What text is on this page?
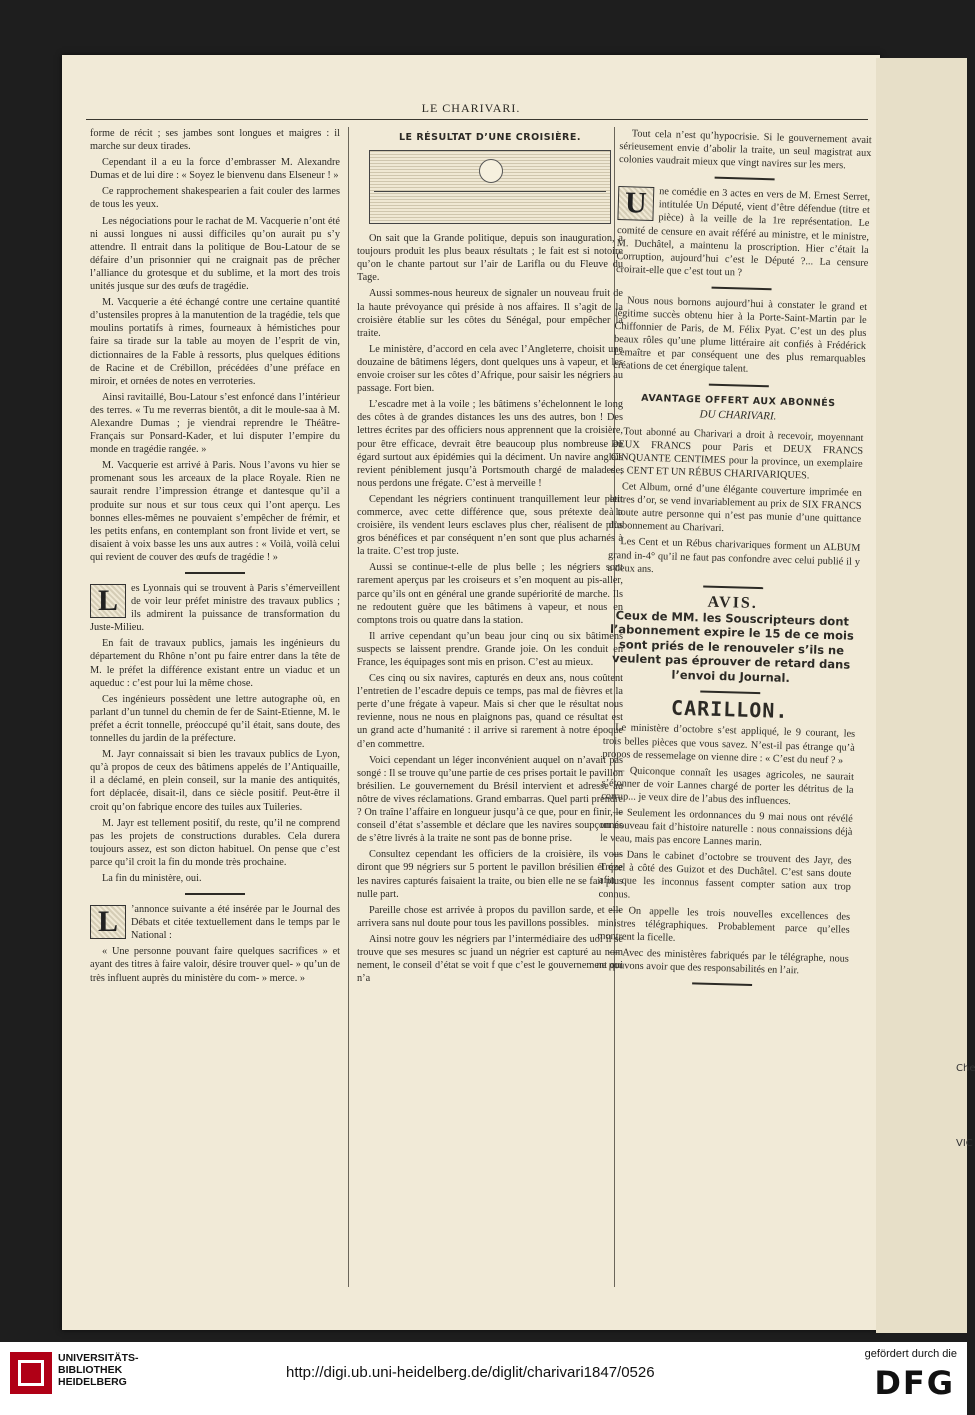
LE CHARIVARI.

forme de récit ; ses jambes sont longues et maigres : il marche sur deux tirades.

Cependant il a eu la force d’embrasser M. Alexandre Dumas et de lui dire : « Soyez le bienvenu dans Elseneur ! »

Ce rapprochement shakespearien a fait couler des larmes de tous les yeux.

Les négociations pour le rachat de M. Vacquerie n’ont été ni aussi longues ni aussi difficiles qu’on aurait pu s’y attendre. Il entrait dans la politique de Bou-Latour de se défaire d’un prisonnier qui ne craignait pas de prêcher l’alliance du grotesque et du sublime, et la mort des trois unités jusque sur des œufs de tragédie.

M. Vacquerie a été échangé contre une certaine quantité d’ustensiles propres à la manutention de la tragédie, tels que moulins portatifs à rimes, fourneaux à hémistiches pour faire sa tirade sur la table au moyen de l’esprit de vin, dictionnaires de la Fable à ressorts, plus quelques éditions de Racine et de Crébillon, précédées d’une préface en miroir, et ornées de notes en verroteries.

Ainsi ravitaillé, Bou-Latour s’est enfoncé dans l’intérieur des terres. « Tu me reverras bientôt, a dit le moule-saa à M. Alexandre Dumas ; je viendrai reprendre le Théâtre-Français sur Ponsard-Kader, et lui disputer l’empire du monde en tragédie rangée. »

M. Vacquerie est arrivé à Paris. Nous l’avons vu hier se promenant sous les arceaux de la place Royale. Rien ne saurait rendre l’impression étrange et dantesque qu’il a produite sur nous et sur tous ceux qui l’ont aperçu. Les bonnes elles-mêmes ne pouvaient s’empêcher de frémir, et les petits enfans, en contemplant son front livide et vert, se disaient à voix basse les uns aux autres : « Voilà, voilà celui qui revient de couver des œufs de tragédie ! »

L	es Lyonnais qui se trouvent à Paris s’émerveillent de voir leur préfet ministre des travaux publics ; ils admirent la puissance de transformation du Juste-Milieu.

En fait de travaux publics, jamais les ingénieurs du département du Rhône n’ont pu faire entrer dans la tête de M. le préfet la différence existant entre un viaduc et un aqueduc : c’est pour lui la même chose.

Ces ingénieurs possèdent une lettre autographe où, en parlant d’un tunnel du chemin de fer de Saint-Etienne, M. le préfet a écrit tonnelle, préoccupé qu’il était, sans doute, des tonnelles du jardin de la préfecture.

M. Jayr connaissait si bien les travaux publics de Lyon, qu’à propos de ceux des bâtimens appelés de l’Antiquaille, il a déclamé, en plein conseil, sur la manie des antiquités, fort déplacée, disait-il, dans ce siècle positif. Peut-être il croit qu’on fabrique encore des tuiles aux Tuileries.

M. Jayr est tellement positif, du reste, qu’il ne comprend pas les projets de constructions durables. Cela durera toujours assez, est son dicton habituel. On pense que c’est parce qu’il croit la fin du monde très prochaine.

La fin du ministère, oui.

L	’annonce suivante a été insérée par le Journal des Débats et citée textuellement dans le temps par le National :

« Une personne pouvant faire quelques sacrifices » et ayant des titres à faire valoir, désire trouver quel- » qu’un de très influent auprès du ministère du com- » merce. »

LE RÉSULTAT D’UNE CROISIÈRE.

On sait que la Grande politique, depuis son inauguration, a toujours produit les plus beaux résultats ; le fait est si notoire qu’on le chante partout sur l’air de Larifla ou du Fleuve du Tage.

Aussi sommes-nous heureux de signaler un nouveau fruit de la haute prévoyance qui préside à nos affaires. Il s’agit de la croisière établie sur les côtes du Sénégal, pour empêcher la traite.

Le ministère, d’accord en cela avec l’Angleterre, choisit une douzaine de bâtimens légers, dont quelques uns à vapeur, et les envoie croiser sur les côtes d’Afrique, pour saisir les négriers au passage. Fort bien.

L’escadre met à la voile ; les bâtimens s’échelonnent le long des côtes à de grandes distances les uns des autres, bon ! Des lettres écrites par des officiers nous apprennent que la croisière, pour être efficace, devrait être beaucoup plus nombreuse eu égard surtout aux épidémies qui la déciment. Un navire anglais revient péniblement jusqu’à Portsmouth chargé de malades ; nous perdons une frégate. C’est à merveille !

Cependant les négriers continuent tranquillement leur petit commerce, avec cette différence que, sous prétexte de la croisière, ils vendent leurs esclaves plus cher, réalisent de plus gros bénéfices et par conséquent n’en sont que plus acharnés à la traite. C’est trop juste.

Aussi se continue-t-elle de plus belle ; les négriers sont rarement aperçus par les croiseurs et s’en moquent au pis-aller, parce qu’ils ont en général une grande supériorité de marche. Ils ne redoutent guère que les bâtimens à vapeur, et nous en comptons trois ou quatre dans la station.

Il arrive cependant qu’un beau jour cinq ou six bâtimens suspects se laissent prendre. Grande joie. On les conduit en France, les équipages sont mis en prison. C’est au mieux.

Ces cinq ou six navires, capturés en deux ans, nous coûtent l’entretien de l’escadre depuis ce temps, pas mal de fièvres et la perte d’une frégate à vapeur. Mais si cher que le résultat nous revienne, nous ne nous en plaignons pas, quand ce résultat est un grand acte d’humanité : il arrive si rarement à notre époque d’en commettre.

Voici cependant un léger inconvénient auquel on n’avait pas songé : Il se trouve qu’une partie de ces prises portait le pavillon brésilien. Le gouvernement du Brésil intervient et adresse au nôtre de vives réclamations. Grand embarras. Quel parti prendre ? On traîne l’affaire en longueur jusqu’à ce que, pour en finir, le conseil d’état s’assemble et déclare que les navires soupçonnés de s’être livrés à la traite ne sont pas de bonne prise.

Consultez cependant les officiers de la croisière, ils vous diront que 99 négriers sur 5 portent le pavillon brésilien et que les navires capturés faisaient la traite, ou bien elle ne se fait plus nulle part.

Pareille chose est arrivée à propos du pavillon sarde, et elle arrivera sans nul doute pour tous les pavillons possibles.

Ainsi notre gouv les négriers par l’intermédiaire des uoi il se trouve que ses mesures sc juand un négrier est capturé au nom nement, le conseil d’état se voit f que c’est le gouvernement qui n’a

Tout cela n’est qu’hypocrisie. Si le gouvernement avait sérieusement envie d’abolir la traite, un seul magistrat aux colonies vaudrait mieux que vingt navires sur les mers.

U	ne comédie en 3 actes en vers de M. Ernest Serret, intitulée Un Député, vient d’être défendue (titre et pièce) à la veille de la 1re représentation. Le comité de censure en avait référé au ministre, et le ministre, M. Duchâtel, a maintenu la proscription. Hier c’était la Corruption, aujourd’hui c’est le Député ?... La censure croirait-elle que c’est tout un ?

Nous nous bornons aujourd’hui à constater le grand et légitime succès obtenu hier à la Porte-Saint-Martin par le Chiffonnier de Paris, de M. Félix Pyat. C’est un des plus beaux rôles qu’une plume littéraire ait confiés à Frédérick Lemaître et par conséquent une des plus remarquables créations de cet énergique talent.

AVANTAGE OFFERT AUX ABONNÉS
DU CHARIVARI.

Tout abonné au Charivari a droit à recevoir, moyennant DEUX FRANCS pour Paris et DEUX FRANCS CINQUANTE CENTIMES pour la province, un exemplaire des CENT ET UN RÉBUS CHARIVARIQUES.

Cet Album, orné d’une élégante couverture imprimée en lettres d’or, se vend invariablement au prix de SIX FRANCS à toute autre personne qui n’est pas munie d’une quittance d’abonnement au Charivari.

Les Cent et un Rébus charivariques forment un ALBUM grand in-4° qu’il ne faut pas confondre avec celui publié il y a deux ans.

AVIS.
Ceux de MM. les Souscripteurs dont l’abonnement expire le 15 de ce mois sont priés de le renouveler s’ils ne veulent pas éprouver de retard dans l’envoi du Journal.
CARILLON.

Le ministère d’octobre s’est appliqué, le 9 courant, les trois belles pièces que vous savez. N’est-il pas étrange qu’à propos de ressemelage on vienne dire : « C’est du neuf ? »

— Quiconque connaît les usages agricoles, ne saurait s’étonner de voir Lannes chargé de porter les détritus de la corrup... je veux dire de l’abus des influences.

— Seulement les ordonnances du 9 mai nous ont révélé un nouveau fait d’histoire naturelle : nous connaissions déjà le veau, mais pas encore Lannes marin.

— Dans le cabinet d’octobre se trouvent des Jayr, des Trézel à côté des Guizot et des Duchâtel. C’est sans doute afin que les inconnus fassent compter sation aux trop connus.

— On appelle les trois nouvelles excellences des ministres télégraphiques. Probablement parce qu’elles montrent la ficelle.

— Avec des ministères fabriqués par le télégraphe, nous ne pouvons avoir que des responsabilités en l’air.

Che
VIC
UNIVERSITÄTS-
BIBLIOTHEK
HEIDELBERG
http://digi.ub.uni-heidelberg.de/diglit/charivari1847/0526
gefördert durch die
DFG
